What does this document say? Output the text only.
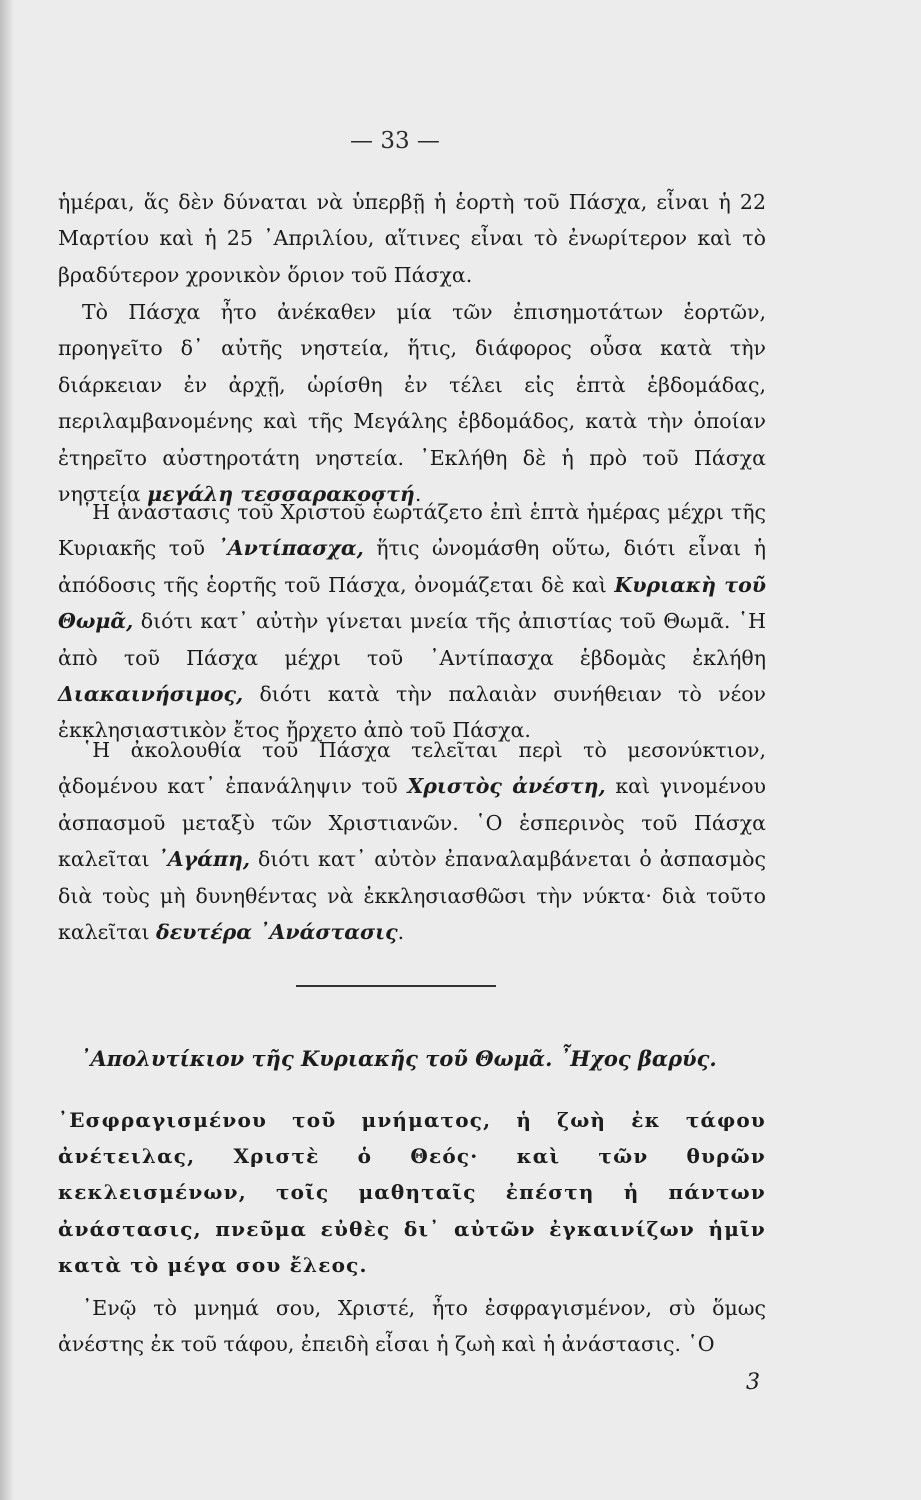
— 33 —

ἡμέραι, ἅς δὲν δύναται νὰ ὑπερβῇ ἡ ἑορτὴ τοῦ Πάσχα, εἶναι ἡ 22 Μαρτίου καὶ ἡ 25 ᾽Απριλίου, αἵτινες εἶναι τὸ ἐνωρίτερον καὶ τὸ βραδύτερον χρονικὸν ὅριον τοῦ Πάσχα.

Τὸ Πάσχα ἦτο ἀνέκαθεν μία τῶν ἐπισημοτάτων ἑορτῶν, προηγεῖτο δ᾽ αὐτῆς νηστεία, ἥτις, διάφορος οὖσα κατὰ τὴν διάρκειαν ἐν ἀρχῇ, ὡρίσθη ἐν τέλει εἰς ἑπτὰ ἑβδομάδας, περιλαμβανομένης καὶ τῆς Μεγάλης ἑβδομάδος, κατὰ τὴν ὁποίαν ἐτηρεῖτο αὐστηροτάτη νηστεία. ᾽Εκλήθη δὲ ἡ πρὸ τοῦ Πάσχα νηστεία μεγάλη τεσσαρακοστή.

῾Η ἀνάστασις τοῦ Χριστοῦ ἑωρτάζετο ἐπὶ ἑπτὰ ἡμέρας μέχρι τῆς Κυριακῆς τοῦ ᾽Αντίπασχα, ἥτις ὠνομάσθη οὕτω, διότι εἶναι ἡ ἀπόδοσις τῆς ἑορτῆς τοῦ Πάσχα, ὀνομάζεται δὲ καὶ Κυριακὴ τοῦ Θωμᾶ, διότι κατ᾽ αὐτὴν γίνεται μνεία τῆς ἀπιστίας τοῦ Θωμᾶ. ῾Η ἀπὸ τοῦ Πάσχα μέχρι τοῦ ᾽Αντίπασχα ἑβδομὰς ἐκλήθη Διακαινήσιμος, διότι κατὰ τὴν παλαιὰν συνήθειαν τὸ νέον ἐκκλησιαστικὸν ἔτος ἤρχετο ἀπὸ τοῦ Πάσχα.

῾Η ἀκολουθία τοῦ Πάσχα τελεῖται περὶ τὸ μεσονύκτιον, ᾀδομένου κατ᾽ ἐπανάληψιν τοῦ Χριστὸς ἀνέστη, καὶ γινομένου ἀσπασμοῦ μεταξὺ τῶν Χριστιανῶν. ῾Ο ἑσπερινὸς τοῦ Πάσχα καλεῖται ᾽Αγάπη, διότι κατ᾽ αὐτὸν ἐπαναλαμβάνεται ὁ ἀσπασμὸς διὰ τοὺς μὴ δυνηθέντας νὰ ἐκκλησιασθῶσι τὴν νύκτα· διὰ τοῦτο καλεῖται δευτέρα ᾽Ανάστασις.

᾽Απολυτίκιον τῆς Κυριακῆς τοῦ Θωμᾶ. ῏Ηχος βαρύς.

᾽Εσφραγισμένου τοῦ μνήματος, ἡ ζωὴ ἐκ τάφου ἀνέτειλας, Χριστὲ ὁ Θεός· καὶ τῶν θυρῶν κεκλεισμένων, τοῖς μαθηταῖς ἐπέστη ἡ πάντων ἀνάστασις, πνεῦμα εὐθὲς δι᾽ αὐτῶν ἐγκαινίζων ἡμῖν κατὰ τὸ μέγα σου ἔλεος.

᾽Ενῷ τὸ μνημά σου, Χριστέ, ἦτο ἐσφραγισμένον, σὺ ὅμως ἀνέστης ἐκ τοῦ τάφου, ἐπειδὴ εἶσαι ἡ ζωὴ καὶ ἡ ἀνάστασις. ῾Ο

3
